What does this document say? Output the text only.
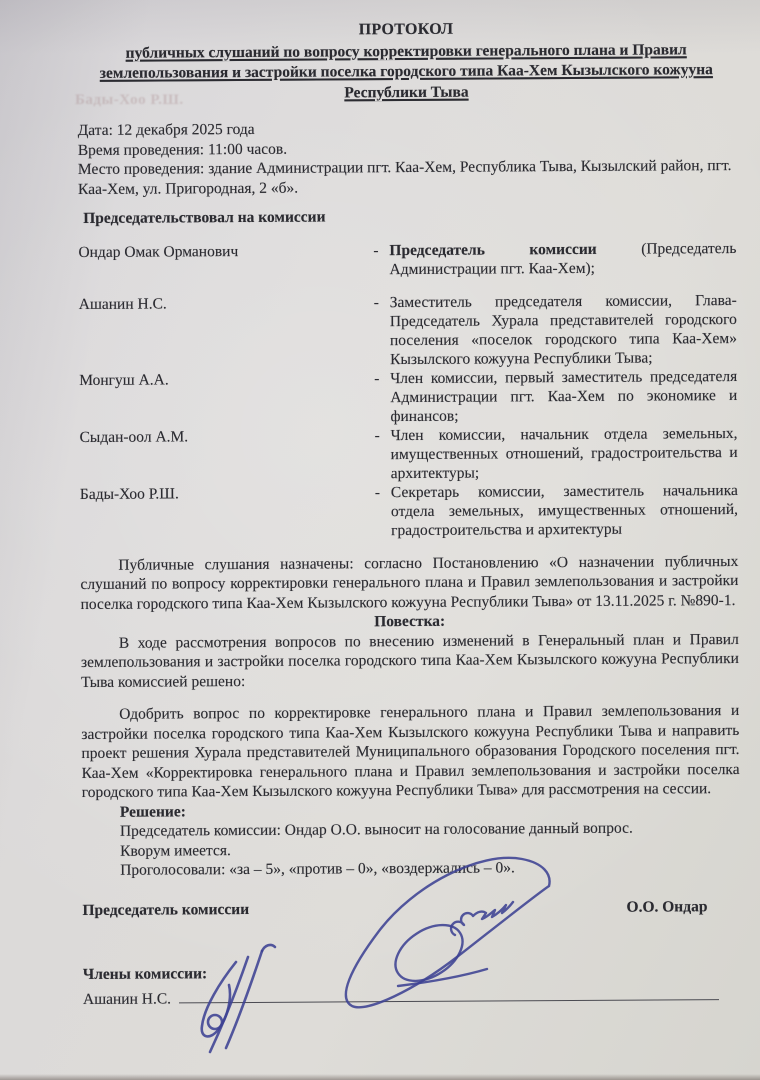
Бады-Хоо Р.Ш.
ПРОТОКОЛ
публичных слушаний по вопросу корректировки генерального плана и Правил землепользования и застройки поселка городского типа Каа-Хем Кызылского кожууна Республики Тыва
Дата: 12 декабря 2025 года
Время проведения: 11:00 часов.
Место проведения: здание Администрации пгт. Каа-Хем, Республика Тыва, Кызылский район, пгт. Каа-Хем, ул. Пригородная, 2 «б».
Председательствовал на комиссии
Ондар Омак Орманович	- Председатель комиссии (Председатель Администрации пгт. Каа-Хем);
Ашанин Н.С.	- Заместитель председателя комиссии, Глава-Председатель Хурала представителей городского поселения «поселок городского типа Каа-Хем» Кызылского кожууна Республики Тыва;
Монгуш А.А.	- Член комиссии, первый заместитель председателя Администрации пгт. Каа-Хем по экономике и финансов;
Сыдан-оол А.М.	- Член комиссии, начальник отдела земельных, имущественных отношений, градостроительства и архитектуры;
Бады-Хоо Р.Ш.	- Секретарь комиссии, заместитель начальника отдела земельных, имущественных отношений, градостроительства и архитектуры
Публичные слушания назначены: согласно Постановлению «О назначении публичных слушаний по вопросу корректировки генерального плана и Правил землепользования и застройки поселка городского типа Каа-Хем Кызылского кожууна Республики Тыва» от 13.11.2025 г. №890-1.
Повестка:
В ходе рассмотрения вопросов по внесению изменений в Генеральный план и Правил землепользования и застройки поселка городского типа Каа-Хем Кызылского кожууна Республики Тыва комиссией решено:
Одобрить вопрос по корректировке генерального плана и Правил землепользования и застройки поселка городского типа Каа-Хем Кызылского кожууна Республики Тыва и направить проект решения Хурала представителей Муниципального образования Городского поселения пгт. Каа-Хем «Корректировка генерального плана и Правил землепользования и застройки поселка городского типа Каа-Хем Кызылского кожууна Республики Тыва» для рассмотрения на сессии.
Решение:
Председатель комиссии: Ондар О.О. выносит на голосование данный вопрос.
Кворум имеется.
Проголосовали: «за – 5», «против – 0», «воздержались – 0».
Председатель комиссии	О.О. Ондар
Члены комиссии:
Ашанин Н.С.
